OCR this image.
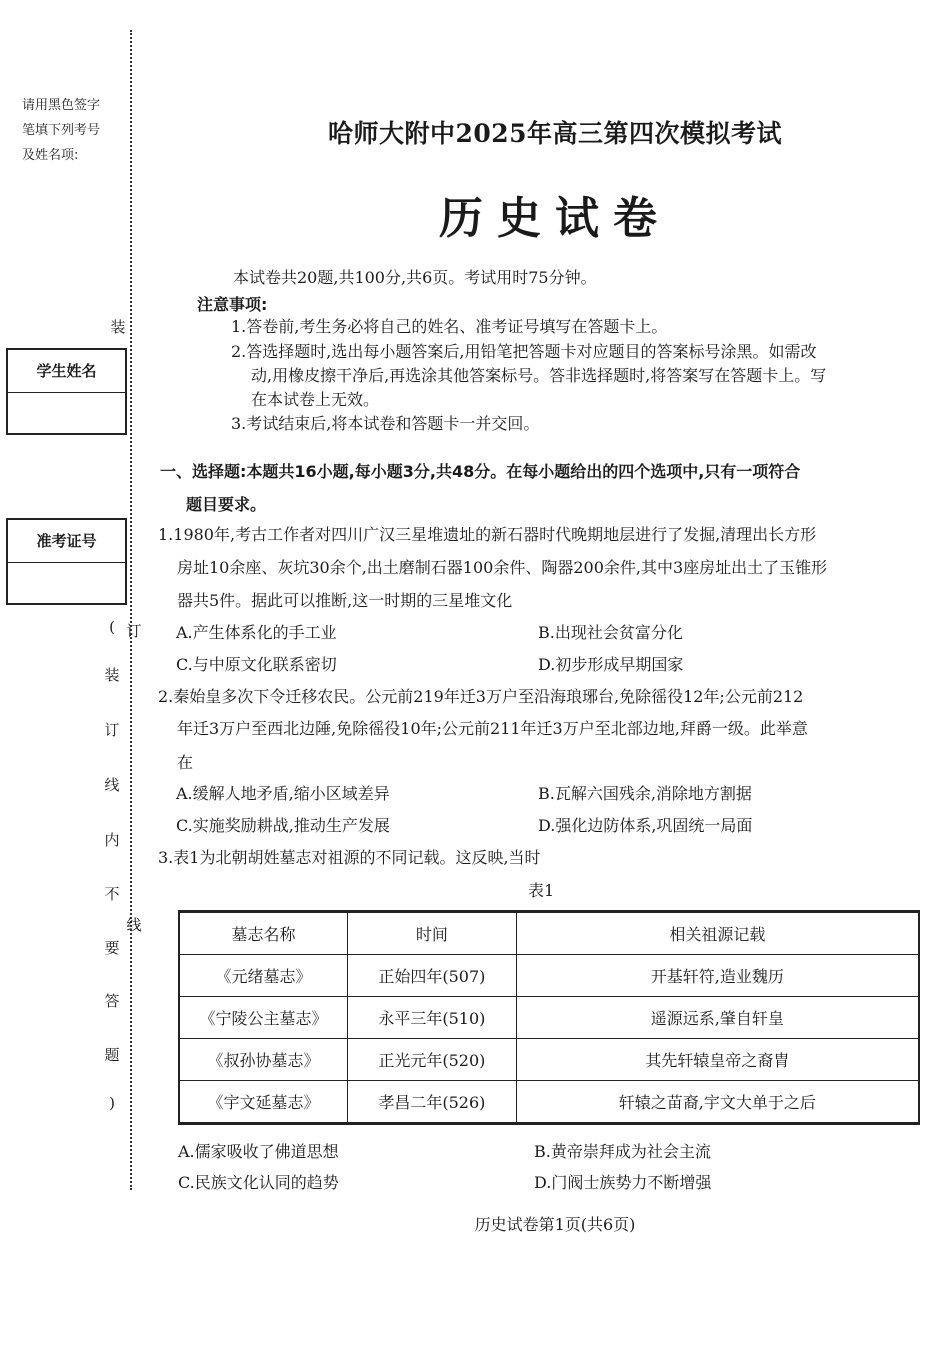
请用黑色签字
笔填下列考号
及姓名项:
装
订
线
学生姓名
准考证号
(
装
订
线
内
不
要
答
题
)
哈师大附中2025年高三第四次模拟考试
历史试卷
本试卷共20题,共100分,共6页。考试用时75分钟。
注意事项:
1.答卷前,考生务必将自己的姓名、准考证号填写在答题卡上。
2.答选择题时,选出每小题答案后,用铅笔把答题卡对应题目的答案标号涂黑。如需改
动,用橡皮擦干净后,再选涂其他答案标号。答非选择题时,将答案写在答题卡上。写
在本试卷上无效。
3.考试结束后,将本试卷和答题卡一并交回。
一、选择题:本题共16小题,每小题3分,共48分。在每小题给出的四个选项中,只有一项符合
题目要求。
1.1980年,考古工作者对四川广汉三星堆遗址的新石器时代晚期地层进行了发掘,清理出长方形
房址10余座、灰坑30余个,出土磨制石器100余件、陶器200余件,其中3座房址出土了玉锥形
器共5件。据此可以推断,这一时期的三星堆文化
A.产生体系化的手工业	B.出现社会贫富分化
C.与中原文化联系密切	D.初步形成早期国家
2.秦始皇多次下令迁移农民。公元前219年迁3万户至沿海琅琊台,免除徭役12年;公元前212
年迁3万户至西北边陲,免除徭役10年;公元前211年迁3万户至北部边地,拜爵一级。此举意
在
A.缓解人地矛盾,缩小区域差异	B.瓦解六国残余,消除地方割据
C.实施奖励耕战,推动生产发展	D.强化边防体系,巩固统一局面
3.表1为北朝胡姓墓志对祖源的不同记载。这反映,当时
表1
墓志名称	时间	相关祖源记载
《元绪墓志》	正始四年(507)	开基轩符,造业魏历
《宁陵公主墓志》	永平三年(510)	遥源远系,肇自轩皇
《叔孙协墓志》	正光元年(520)	其先轩辕皇帝之裔胄
《宇文延墓志》	孝昌二年(526)	轩辕之苗裔,宇文大单于之后
A.儒家吸收了佛道思想	B.黄帝崇拜成为社会主流
C.民族文化认同的趋势	D.门阀士族势力不断增强
历史试卷第1页(共6页)
